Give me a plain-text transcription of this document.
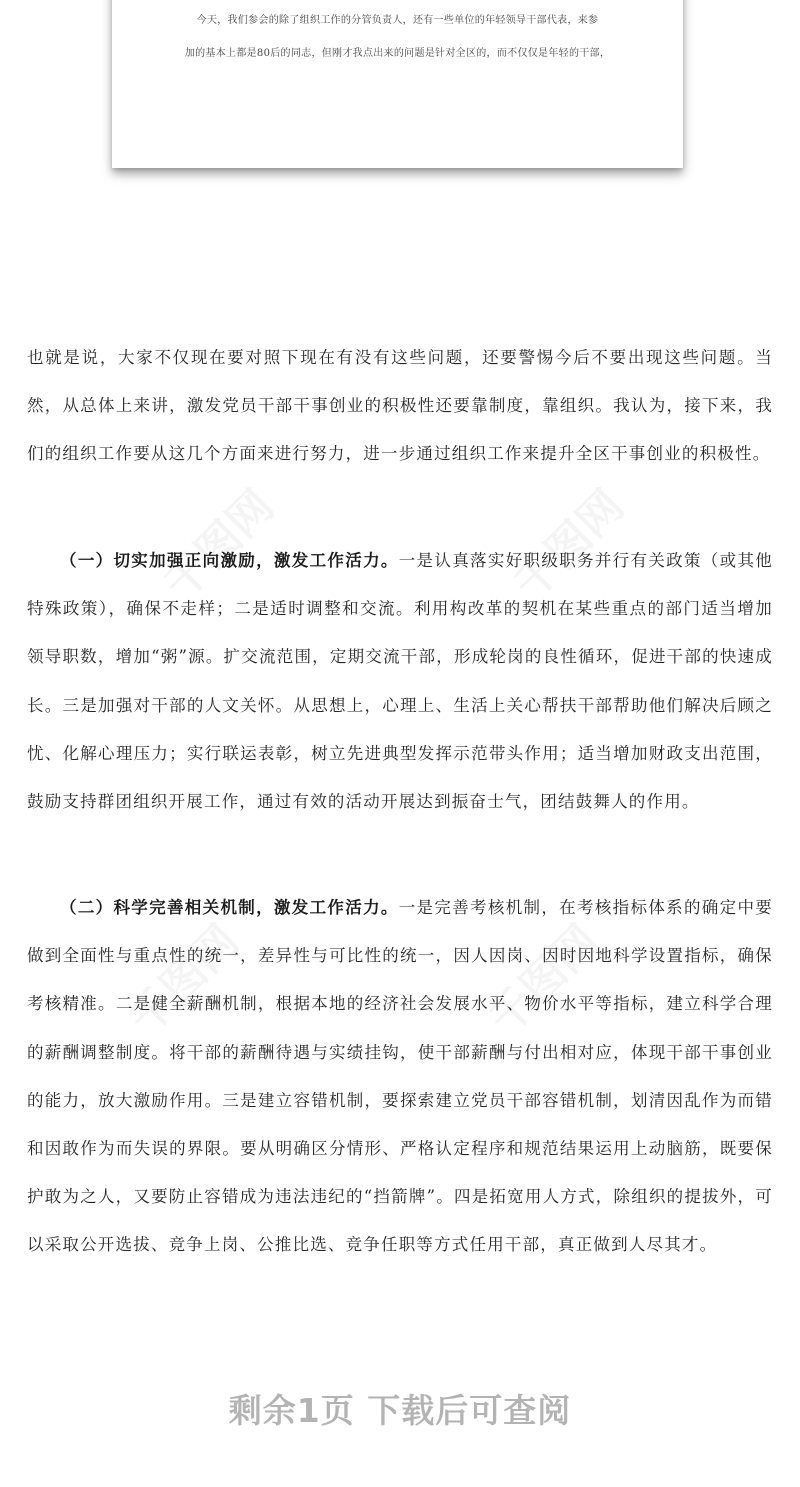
今天，我们参会的除了组织工作的分管负责人，还有一些单位的年轻领导干部代表，来参

加的基本上都是80后的同志，但刚才我点出来的问题是针对全区的，而不仅仅是年轻的干部，

也就是说，大家不仅现在要对照下现在有没有这些问题，还要警惕今后不要出现这些问题。当然，从总体上来讲，激发党员干部干事创业的积极性还要靠制度，靠组织。我认为，接下来，我们的组织工作要从这几个方面来进行努力，进一步通过组织工作来提升全区干事创业的积极性。

（一）切实加强正向激励，激发工作活力。一是认真落实好职级职务并行有关政策（或其他特殊政策），确保不走样；二是适时调整和交流。利用构改革的契机在某些重点的部门适当增加领导职数，增加“粥”源。扩交流范围，定期交流干部，形成轮岗的良性循环，促进干部的快速成长。三是加强对干部的人文关怀。从思想上，心理上、生活上关心帮扶干部帮助他们解决后顾之忧、化解心理压力；实行联运表彰，树立先进典型发挥示范带头作用；适当增加财政支出范围，鼓励支持群团组织开展工作，通过有效的活动开展达到振奋士气，团结鼓舞人的作用。

（二）科学完善相关机制，激发工作活力。一是完善考核机制，在考核指标体系的确定中要做到全面性与重点性的统一，差异性与可比性的统一，因人因岗、因时因地科学设置指标，确保考核精准。二是健全薪酬机制，根据本地的经济社会发展水平、物价水平等指标，建立科学合理的薪酬调整制度。将干部的薪酬待遇与实绩挂钩，使干部薪酬与付出相对应，体现干部干事创业的能力，放大激励作用。三是建立容错机制，要探索建立党员干部容错机制，划清因乱作为而错和因敢作为而失误的界限。要从明确区分情形、严格认定程序和规范结果运用上动脑筋，既要保护敢为之人，又要防止容错成为违法违纪的“挡箭牌”。四是拓宽用人方式，除组织的提拔外，可以采取公开选拔、竞争上岗、公推比选、竞争任职等方式任用干部，真正做到人尽其才。

剩余1页 下载后可查阅
